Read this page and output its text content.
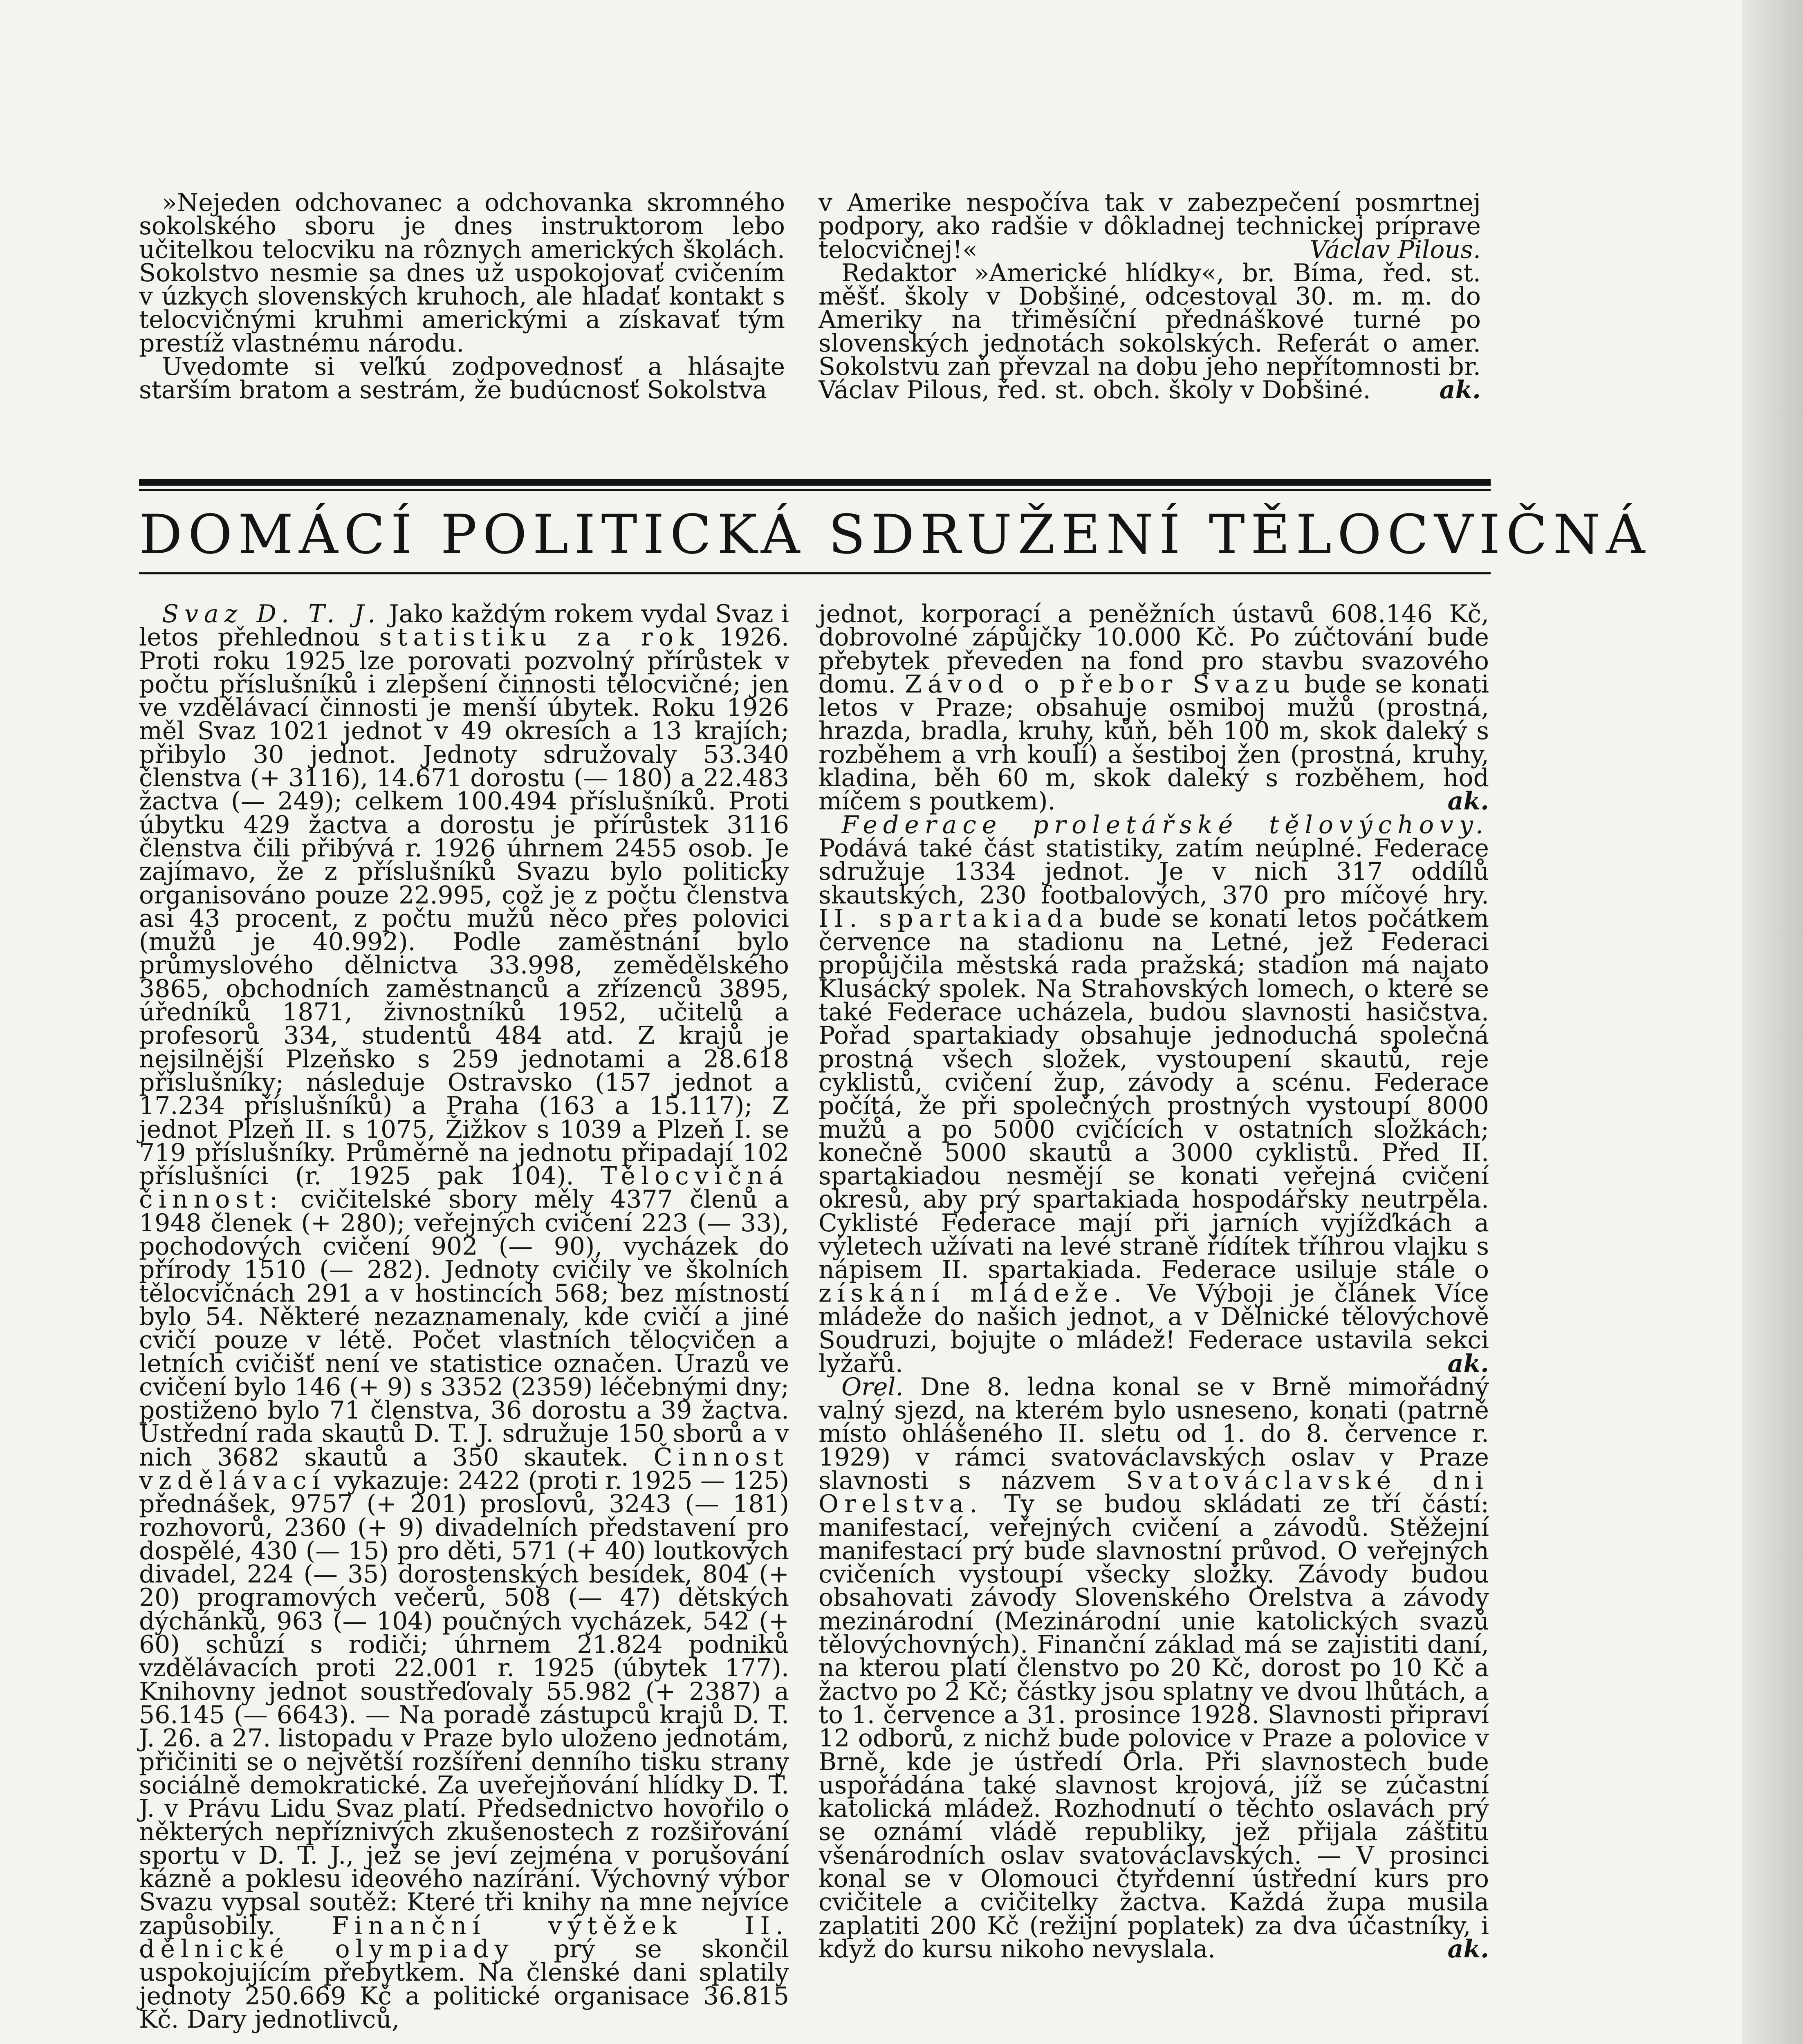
»Nejeden odchovanec a odchovanka skromného sokolského sboru je dnes instruktorom lebo učitelkou telocviku na rôznych amerických školách. Sokolstvo nesmie sa dnes už uspokojovať cvičením v úzkych slovenských kruhoch, ale hladať kontakt s telocvičnými kruhmi americkými a získavať tým prestíž vlastnému národu.

Uvedomte si veľkú zodpovednosť a hlásajte starším bratom a sestrám, že budúcnosť Sokolstva

v Amerike nespočíva tak v zabezpečení posmrtnej podpory, ako radšie v dôkladnej technickej príprave telocvičnej!«	Václav Pilous.

Redaktor »Americké hlídky«, br. Bíma, řed. st. měšť. školy v Dobšiné, odcestoval 30. m. m. do Ameriky na třiměsíční přednáškové turné po slovenských jednotách sokolských. Referát o amer. Sokolstvu zaň převzal na dobu jeho nepřítomnosti br. Václav Pilous, řed. st. obch. školy v Dobšiné.	ak.

DOMÁCÍ POLITICKÁ SDRUŽENÍ TĚLOCVIČNÁ

Svaz D. T. J. Jako každým rokem vydal Svaz i letos přehlednou statistiku za rok 1926. Proti roku 1925 lze porovati pozvolný přírůstek v počtu příslušníků i zlepšení činnosti tělocvičné; jen ve vzdělávací činnosti je menší úbytek. Roku 1926 měl Svaz 1021 jednot v 49 okresích a 13 krajích; přibylo 30 jednot. Jednoty sdružovaly 53.340 členstva (+ 3116), 14.671 dorostu (— 180) a 22.483 žactva (— 249); celkem 100.494 příslušníků. Proti úbytku 429 žactva a dorostu je přírůstek 3116 členstva čili přibývá r. 1926 úhrnem 2455 osob. Je zajímavo, že z příslušníků Svazu bylo politicky organisováno pouze 22.995, což je z počtu členstva asi 43 procent, z počtu mužů něco přes polovici (mužů je 40.992). Podle zaměstnání bylo průmyslového dělnictva 33.998, zemědělského 3865, obchodních zaměstnanců a zřízenců 3895, úředníků 1871, živnostníků 1952, učitelů a profesorů 334, studentů 484 atd. Z krajů je nejsilnější Plzeňsko s 259 jednotami a 28.618 příslušníky; následuje Ostravsko (157 jednot a 17.234 příslušníků) a Praha (163 a 15.117); Z jednot Plzeň II. s 1075, Žižkov s 1039 a Plzeň I. se 719 příslušníky. Průměrně na jednotu připadají 102 příslušníci (r. 1925 pak 104). Tělocvičná činnost: cvičitelské sbory měly 4377 členů a 1948 členek (+ 280); veřejných cvičení 223 (— 33), pochodových cvičení 902 (— 90), vycházek do přírody 1510 (— 282). Jednoty cvičily ve školních tělocvičnách 291 a v hostincích 568; bez místností bylo 54. Některé nezaznamenaly, kde cvičí a jiné cvičí pouze v létě. Počet vlastních tělocvičen a letních cvičišť není ve statistice označen. Úrazů ve cvičení bylo 146 (+ 9) s 3352 (2359) léčebnými dny; postiženo bylo 71 členstva, 36 dorostu a 39 žactva. Ústřední rada skautů D. T. J. sdružuje 150 sborů a v nich 3682 skautů a 350 skautek. Činnost vzdělávací vykazuje: 2422 (proti r. 1925 — 125) přednášek, 9757 (+ 201) proslovů, 3243 (— 181) rozhovorů, 2360 (+ 9) divadelních představení pro dospělé, 430 (— 15) pro děti, 571 (+ 40) loutkových divadel, 224 (— 35) dorostenských besídek, 804 (+ 20) programových večerů, 508 (— 47) dětských dýchánků, 963 (— 104) poučných vycházek, 542 (+ 60) schůzí s rodiči; úhrnem 21.824 podniků vzdělávacích proti 22.001 r. 1925 (úbytek 177). Knihovny jednot soustřeďovaly 55.982 (+ 2387) a 56.145 (— 6643). — Na poradě zástupců krajů D. T. J. 26. a 27. listopadu v Praze bylo uloženo jednotám, přičiniti se o největší rozšíření denního tisku strany sociálně demokratické. Za uveřejňování hlídky D. T. J. v Právu Lidu Svaz platí. Předsednictvo hovořilo o některých nepříznivých zkušenostech z rozšiřování sportu v D. T. J., jež se jeví zejména v porušování kázně a poklesu ideového nazírání. Výchovný výbor Svazu vypsal soutěž: Které tři knihy na mne nejvíce zapůsobily. Finanční výtěžek II. dělnické olympiady prý se skončil uspokojujícím přebytkem. Na členské dani splatily jednoty 250.669 Kč a politické organisace 36.815 Kč. Dary jednotlivců,

jednot, korporací a peněžních ústavů 608.146 Kč, dobrovolné zápůjčky 10.000 Kč. Po zúčtování bude přebytek převeden na fond pro stavbu svazového domu. Závod o přebor Svazu bude se konati letos v Praze; obsahuje osmiboj mužů (prostná, hrazda, bradla, kruhy, kůň, běh 100 m, skok daleký s rozběhem a vrh koulí) a šestiboj žen (prostná, kruhy, kladina, běh 60 m, skok daleký s rozběhem, hod míčem s poutkem).	ak.

Federace proletářské tělovýchovy. Podává také část statistiky, zatím neúplné. Federace sdružuje 1334 jednot. Je v nich 317 oddílů skautských, 230 footbalových, 370 pro míčové hry. II. spartakiada bude se konati letos počátkem července na stadionu na Letné, jež Federaci propůjčila městská rada pražská; stadion má najato Klusácký spolek. Na Strahovských lomech, o které se také Federace ucházela, budou slavnosti hasičstva. Pořad spartakiady obsahuje jednoduchá společná prostná všech složek, vystoupení skautů, reje cyklistů, cvičení žup, závody a scénu. Federace počítá, že při společných prostných vystoupí 8000 mužů a po 5000 cvičících v ostatních složkách; konečně 5000 skautů a 3000 cyklistů. Před II. spartakiadou nesmějí se konati veřejná cvičení okresů, aby prý spartakiada hospodářsky neutrpěla. Cyklisté Federace mají při jarních vyjížďkách a výletech užívati na levé straně řídítek tříhrou vlajku s nápisem II. spartakiada. Federace usiluje stále o získání mládeže. Ve Výboji je článek Více mládeže do našich jednot, a v Dělnické tělovýchově Soudruzi, bojujte o mládež! Federace ustavila sekci lyžařů.	ak.

Orel. Dne 8. ledna konal se v Brně mimořádný valný sjezd, na kterém bylo usneseno, konati (patrně místo ohlášeného II. sletu od 1. do 8. července r. 1929) v rámci svatováclavských oslav v Praze slavnosti s názvem Svatováclavské dni Orelstva. Ty se budou skládati ze tří částí: manifestací, veřejných cvičení a závodů. Stěžejní manifestací prý bude slavnostní průvod. O veřejných cvičeních vystoupí všecky složky. Závody budou obsahovati závody Slovenského Orelstva a závody mezinárodní (Mezinárodní unie katolických svazů tělovýchovných). Finanční základ má se zajistiti daní, na kterou platí členstvo po 20 Kč, dorost po 10 Kč a žactvo po 2 Kč; částky jsou splatny ve dvou lhůtách, a to 1. července a 31. prosince 1928. Slavnosti připraví 12 odborů, z nichž bude polovice v Praze a polovice v Brně, kde je ústředí Orla. Při slavnostech bude uspořádána také slavnost krojová, jíž se zúčastní katolická mládež. Rozhodnutí o těchto oslavách prý se oznámí vládě republiky, jež přijala záštitu všenárodních oslav svatováclavských. — V prosinci konal se v Olomouci čtyřdenní ústřední kurs pro cvičitele a cvičitelky žactva. Každá župa musila zaplatiti 200 Kč (režijní poplatek) za dva účastníky, i když do kursu nikoho nevyslala.	ak.
